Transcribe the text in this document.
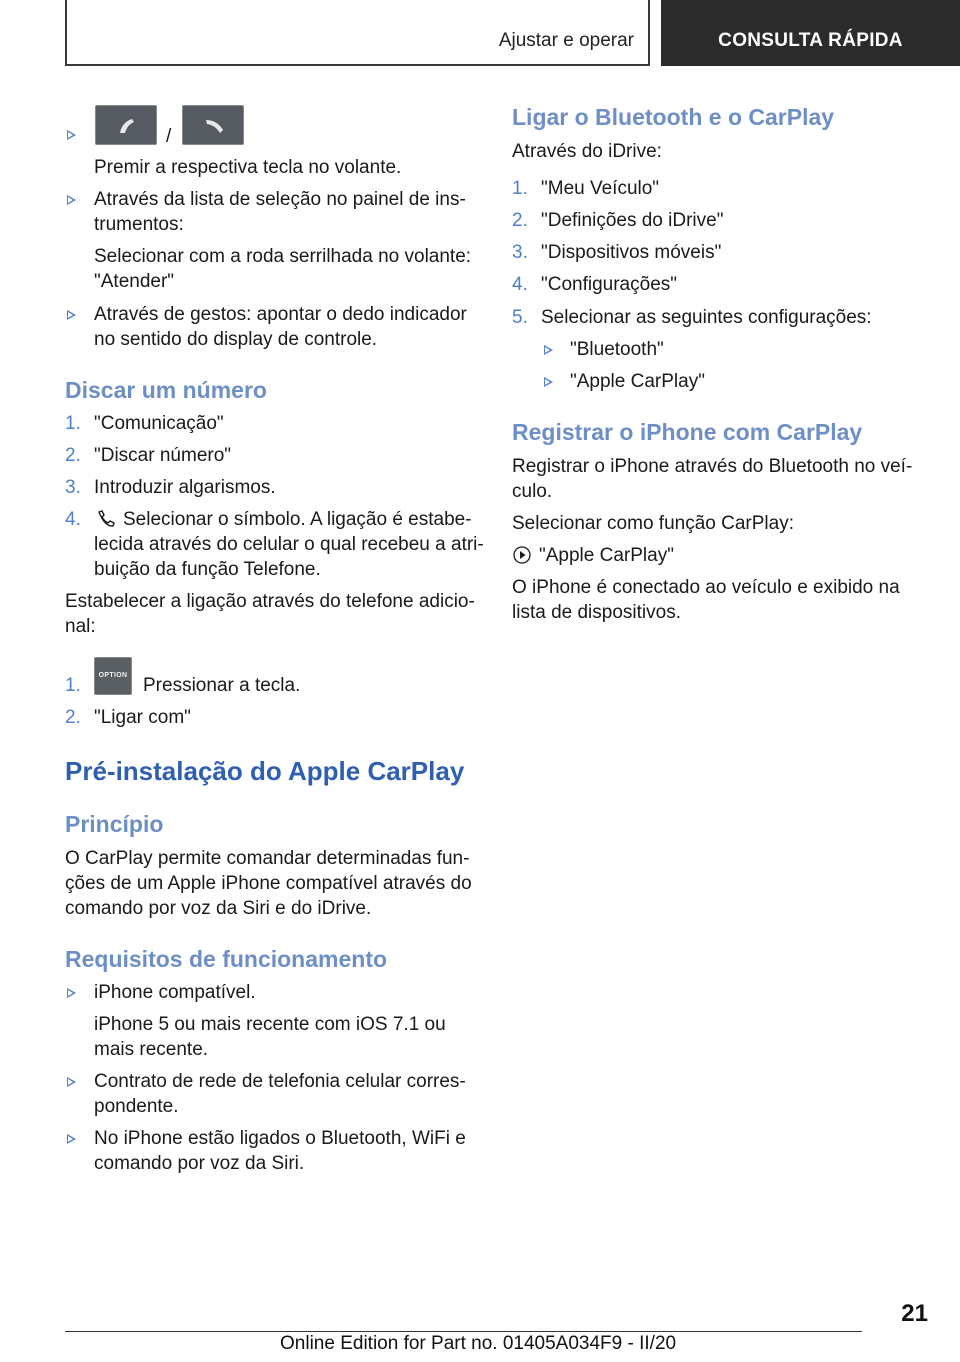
Ajustar e operar	CONSULTA RÁPIDA
/
Premir a respectiva tecla no volante.
Através da lista de seleção no painel de ins‐
trumentos:
Selecionar com a roda serrilhada no volante:
"Atender"
Através de gestos: apontar o dedo indicador
no sentido do display de controle.
Discar um número
1. "Comunicação"
2. "Discar número"
3. Introduzir algarismos.
4. Selecionar o símbolo. A ligação é estabe‐
lecida através do celular o qual recebeu a atri‐
buição da função Telefone.
Estabelecer a ligação através do telefone adicio‐
nal:
1.	OPTION Pressionar a tecla.
2. "Ligar com"
Pré-instalação do Apple CarPlay
Princípio
O CarPlay permite comandar determinadas fun‐
ções de um Apple iPhone compatível através do
comando por voz da Siri e do iDrive.
Requisitos de funcionamento
iPhone compatível.
iPhone 5 ou mais recente com iOS 7.1 ou
mais recente.
Contrato de rede de telefonia celular corres‐
pondente.
No iPhone estão ligados o Bluetooth, WiFi e
comando por voz da Siri.
Ligar o Bluetooth e o CarPlay
Através do iDrive:
1. "Meu Veículo"
2. "Definições do iDrive"
3. "Dispositivos móveis"
4. "Configurações"
5. Selecionar as seguintes configurações:
"Bluetooth"
"Apple CarPlay"
Registrar o iPhone com CarPlay
Registrar o iPhone através do Bluetooth no veí‐
culo.
Selecionar como função CarPlay:
"Apple CarPlay"
O iPhone é conectado ao veículo e exibido na
lista de dispositivos.
21
Online Edition for Part no. 01405A034F9 - II/20
